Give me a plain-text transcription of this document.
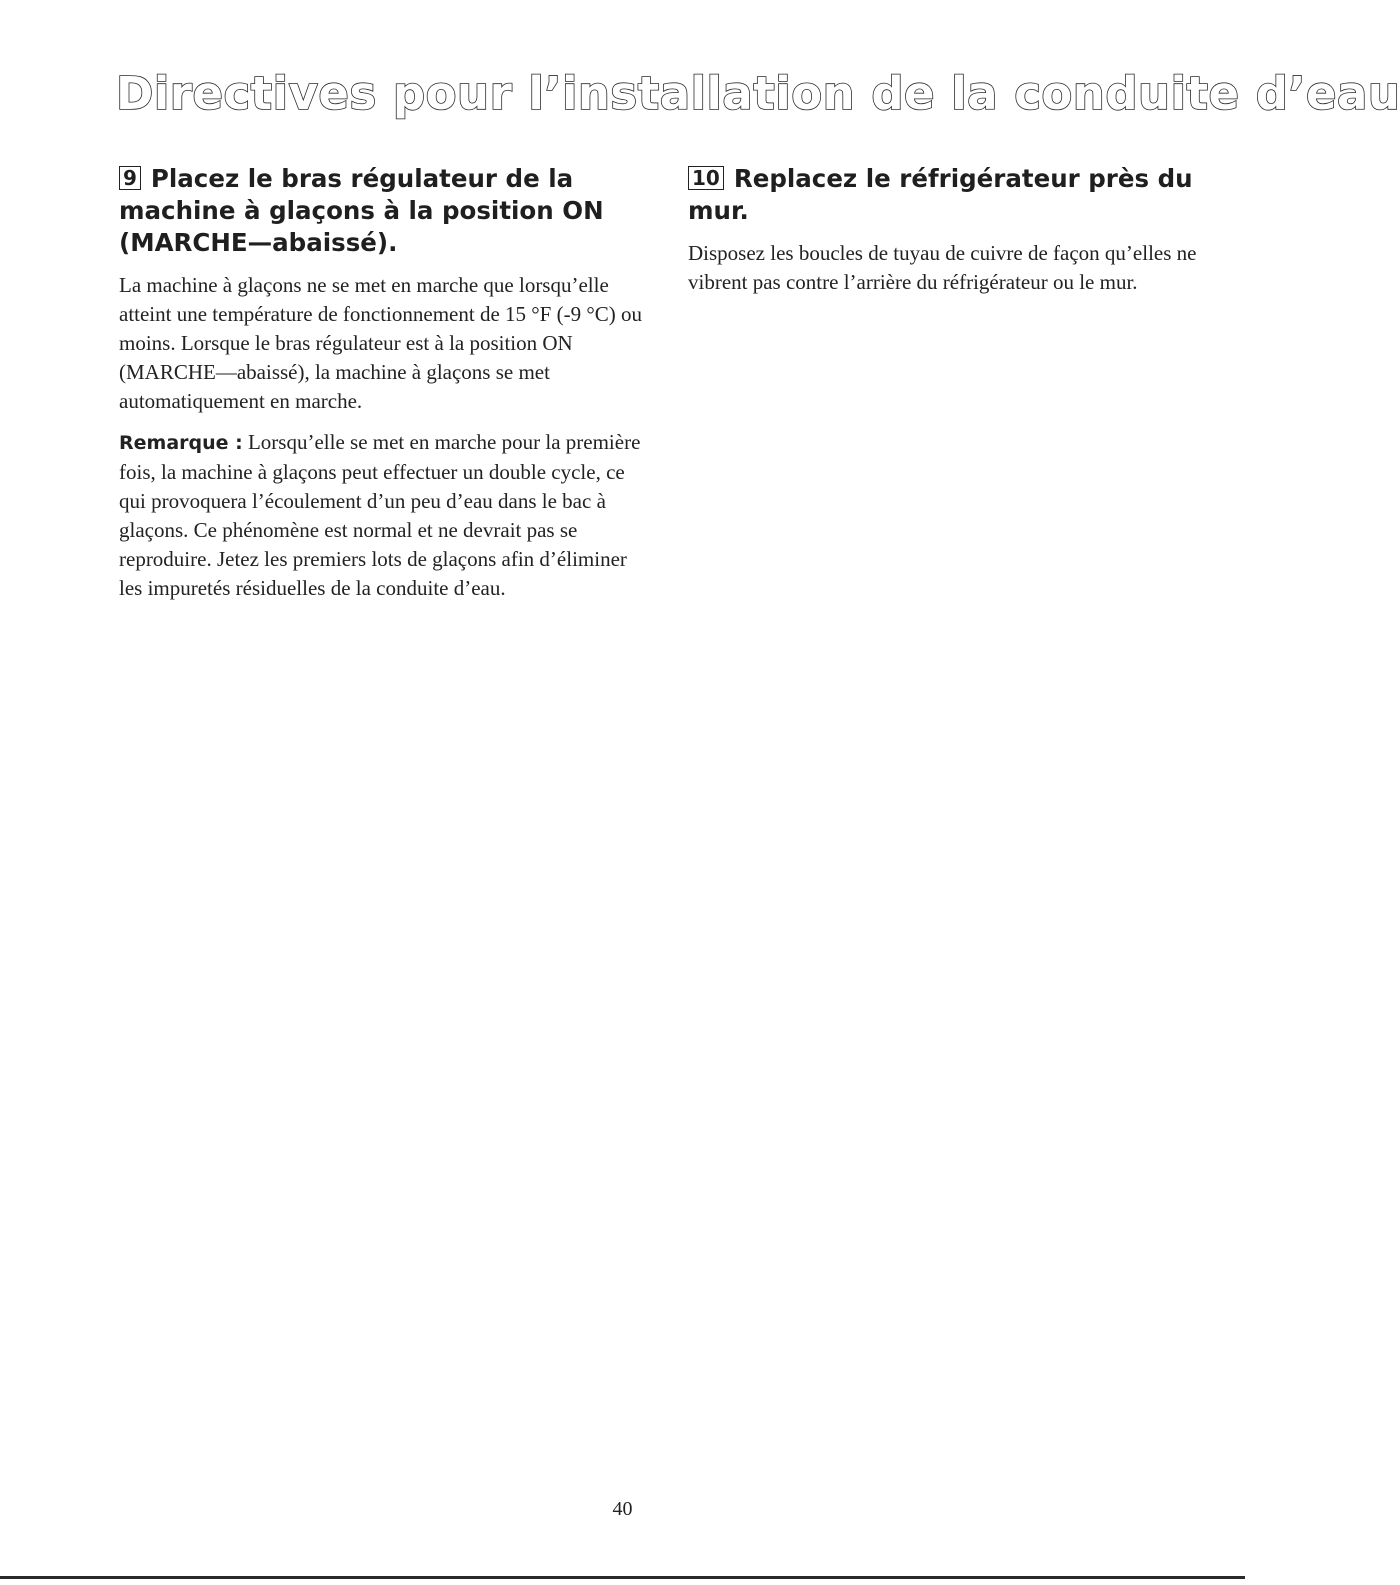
Directives pour l’installation de la conduite d’eau
9 Placez le bras régulateur de la machine à glaçons à la position ON (MARCHE—abaissé).

La machine à glaçons ne se met en marche que lorsqu’elle atteint une température de fonctionnement de 15 °F (-9 °C) ou moins. Lorsque le bras régulateur est à la position ON (MARCHE—abaissé), la machine à glaçons se met automatiquement en marche.

Remarque : Lorsqu’elle se met en marche pour la première fois, la machine à glaçons peut effectuer un double cycle, ce qui provoquera l’écoulement d’un peu d’eau dans le bac à glaçons. Ce phénomène est normal et ne devrait pas se reproduire. Jetez les premiers lots de glaçons afin d’éliminer les impuretés résiduelles de la conduite d’eau.

10 Replacez le réfrigérateur près du mur.

Disposez les boucles de tuyau de cuivre de façon qu’elles ne vibrent pas contre l’arrière du réfrigérateur ou le mur.

40
